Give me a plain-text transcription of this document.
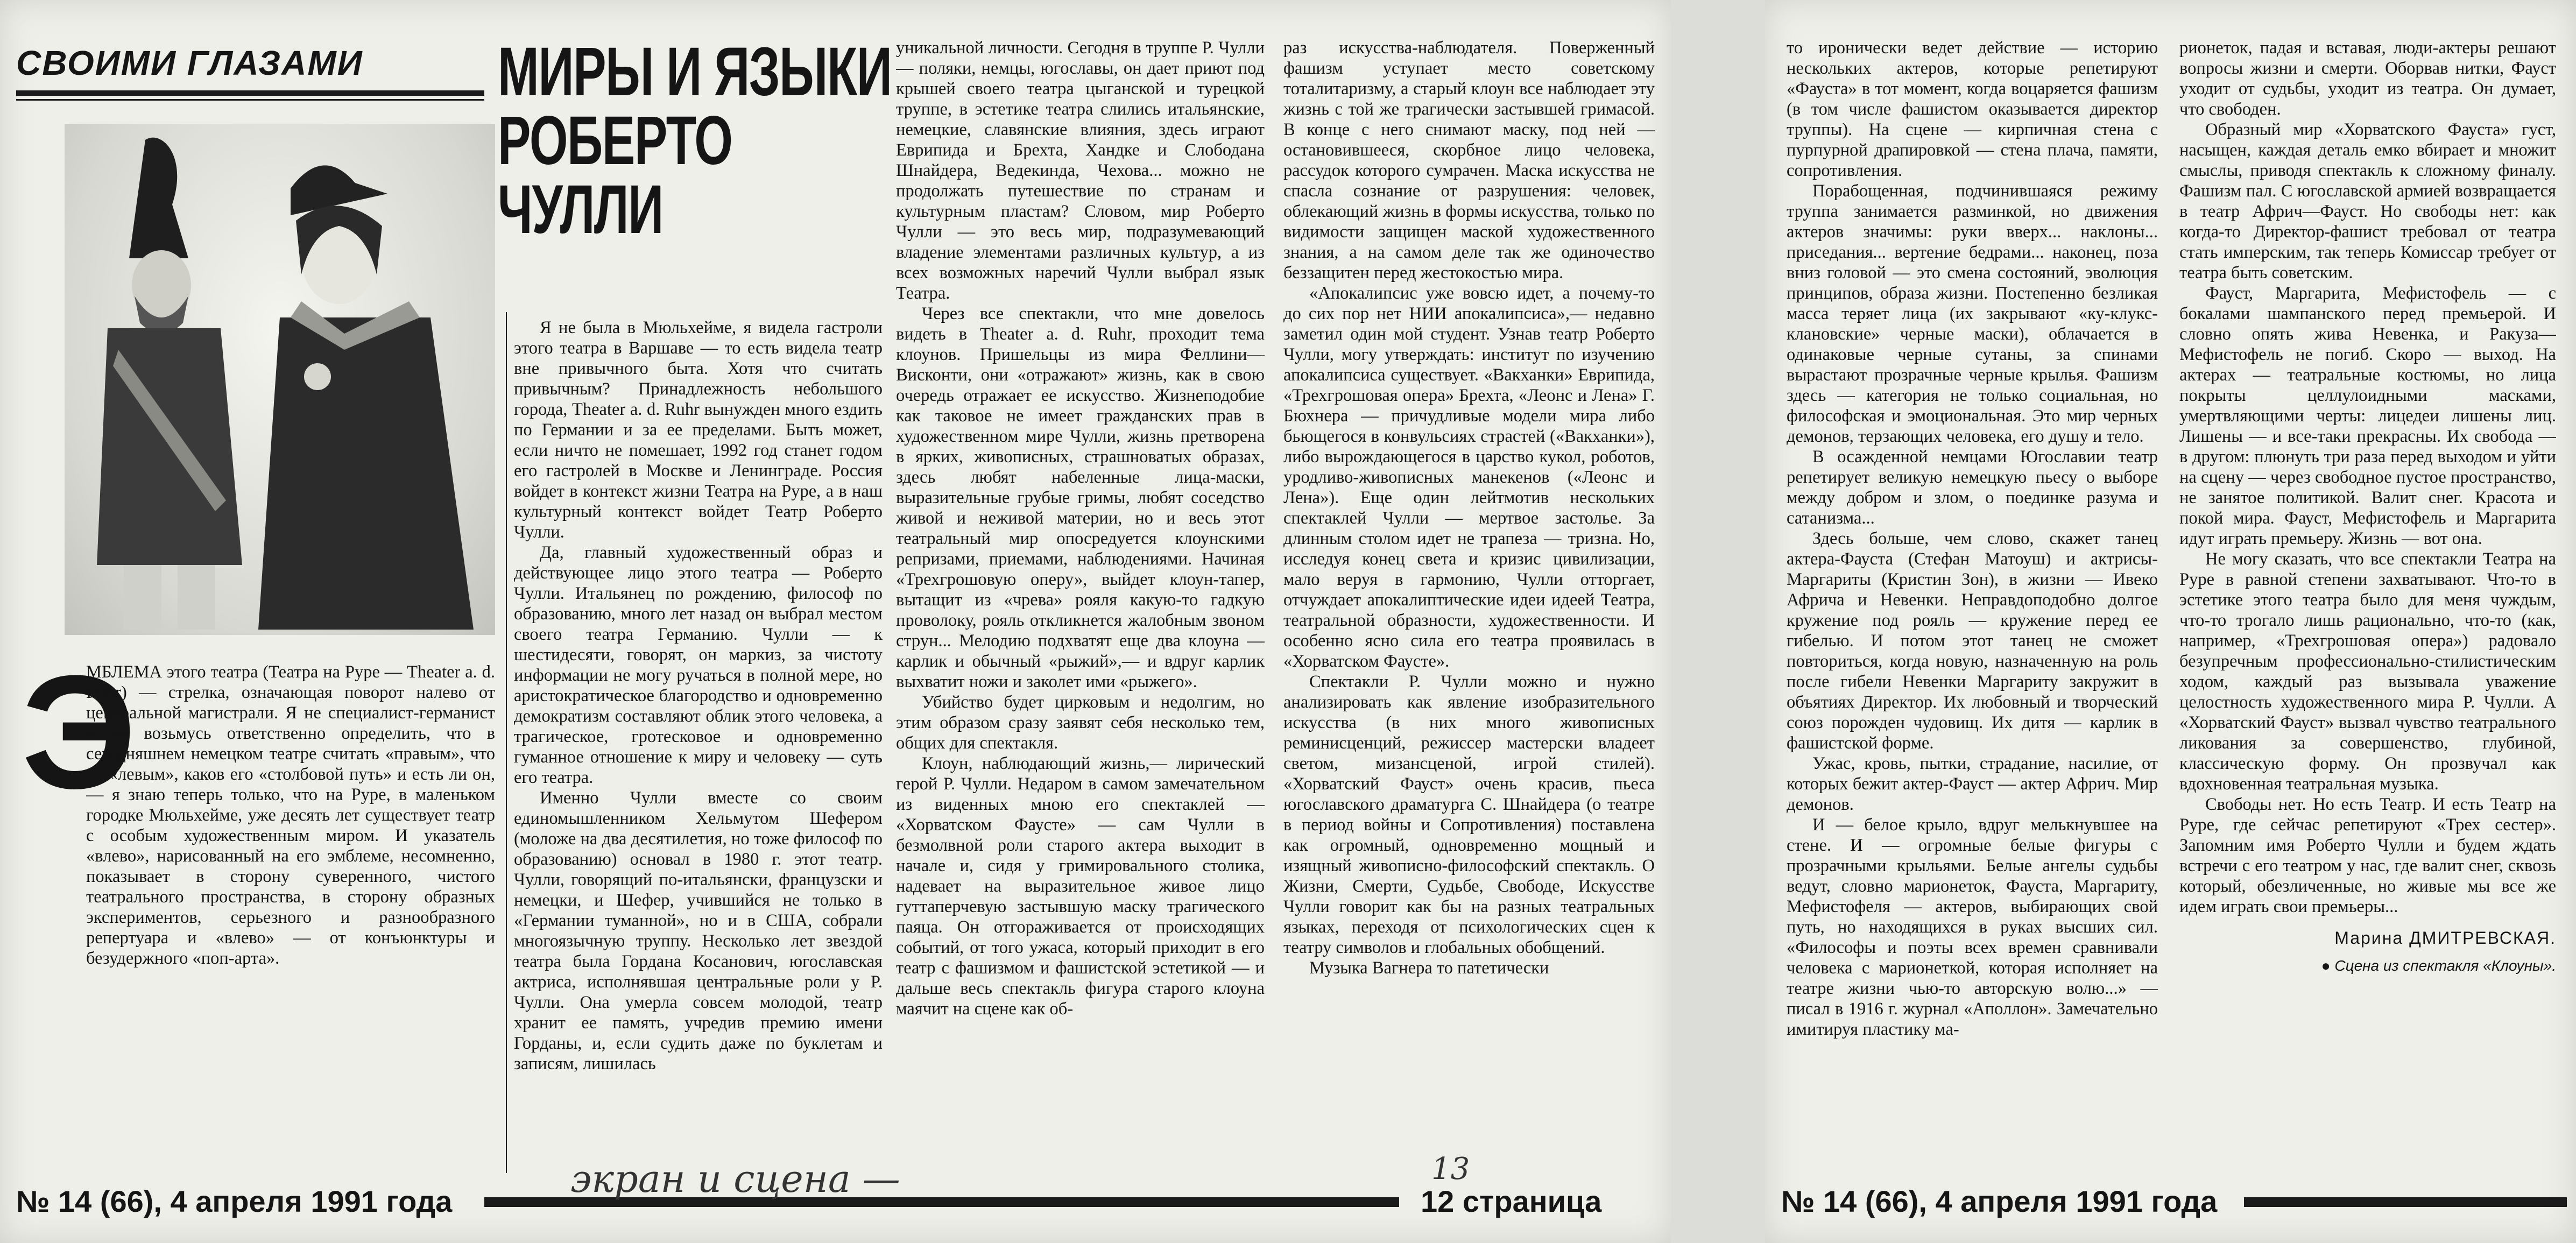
СВОИМИ ГЛАЗАМИ МИРЫ И ЯЗЫКИ
РОБЕРТО
ЧУЛЛИ
Э

МБЛЕМА этого театра (Театра на Руре — Theater a. d. Ruhr) — стрелка, означающая поворот налево от центральной магистрали. Я не специалист-германист и не возьмусь ответственно определить, что в сегодняшнем немецком театре считать «правым», что — «левым», каков его «столбовой путь» и есть ли он,— я знаю теперь только, что на Руре, в маленьком городке Мюльхейме, уже десять лет существует театр с особым художественным миром. И указатель «влево», нарисованный на его эмблеме, несомненно, показывает в сторону суверенного, чистого театрального пространства, в сторону образных экспериментов, серьезного и разнообразного репертуара и «влево» — от конъюнктуры и безудержного «поп-арта».

Я не была в Мюльхейме, я видела гастроли этого театра в Варшаве — то есть видела театр вне привычного быта. Хотя что считать привычным? Принадлежность небольшого города, Theater a. d. Ruhr вынужден много ездить по Германии и за ее пределами. Быть может, если ничто не помешает, 1992 год станет годом его гастролей в Москве и Ленинграде. Россия войдет в контекст жизни Театра на Руре, а в наш культурный контекст войдет Театр Роберто Чулли.

Да, главный художественный образ и действующее лицо этого театра — Роберто Чулли. Итальянец по рождению, философ по образованию, много лет назад он выбрал местом своего театра Германию. Чулли — к шестидесяти, говорят, он маркиз, за чистоту информации не могу ручаться в полной мере, но аристократическое благородство и одновременно демократизм составляют облик этого человека, а трагическое, гротесковое и одновременно гуманное отношение к миру и человеку — суть его театра.

Именно Чулли вместе со своим единомышленником Хельмутом Шефером (моложе на два десятилетия, но тоже философ по образованию) основал в 1980 г. этот театр. Чулли, говорящий по-итальянски, французски и немецки, и Шефер, учившийся не только в «Германии туманной», но и в США, собрали многоязычную труппу. Несколько лет звездой театра была Гордана Косанович, югославская актриса, исполнявшая центральные роли у Р. Чулли. Она умерла совсем молодой, театр хранит ее память, учредив премию имени Горданы, и, если судить даже по буклетам и записям, лишилась

уникальной личности. Сегодня в труппе Р. Чулли — поляки, немцы, югославы, он дает приют под крышей своего театра цыганской и турецкой труппе, в эстетике театра слились итальянские, немецкие, славянские влияния, здесь играют Еврипида и Брехта, Хандке и Слободана Шнайдера, Ведекинда, Чехова... можно не продолжать путешествие по странам и культурным пластам? Словом, мир Роберто Чулли — это весь мир, подразумевающий владение элементами различных культур, а из всех возможных наречий Чулли выбрал язык Театра.

Через все спектакли, что мне довелось видеть в Theater a. d. Ruhr, проходит тема клоунов. Пришельцы из мира Феллини—Висконти, они «отражают» жизнь, как в свою очередь отражает ее искусство. Жизнеподобие как таковое не имеет гражданских прав в художественном мире Чулли, жизнь претворена в ярких, живописных, страшноватых образах, здесь любят набеленные лица-маски, выразительные грубые гримы, любят соседство живой и неживой материи, но и весь этот театральный мир опосредуется клоунскими репризами, приемами, наблюдениями. Начиная «Трехгрошовую оперу», выйдет клоун-тапер, вытащит из «чрева» рояля какую-то гадкую проволоку, рояль откликнется жалобным звоном струн... Мелодию подхватят еще два клоуна — карлик и обычный «рыжий»,— и вдруг карлик выхватит ножи и заколет ими «рыжего».

Убийство будет цирковым и недолгим, но этим образом сразу заявят себя несколько тем, общих для спектакля.

Клоун, наблюдающий жизнь,— лирический герой Р. Чулли. Недаром в самом замечательном из виденных мною его спектаклей — «Хорватском Фаусте» — сам Чулли в безмолвной роли старого актера выходит в начале и, сидя у гримировального столика, надевает на выразительное живое лицо гуттаперчевую застывшую маску трагического паяца. Он отгораживается от происходящих событий, от того ужаса, который приходит в его театр с фашизмом и фашистской эстетикой — и дальше весь спектакль фигура старого клоуна маячит на сцене как об-

раз искусства-наблюдателя. Поверженный фашизм уступает место советскому тоталитаризму, а старый клоун все наблюдает эту жизнь с той же трагически застывшей гримасой. В конце с него снимают маску, под ней — остановившееся, скорбное лицо человека, рассудок которого сумрачен. Маска искусства не спасла сознание от разрушения: человек, облекающий жизнь в формы искусства, только по видимости защищен маской художественного знания, а на самом деле так же одиночество беззащитен перед жестокостью мира.

«Апокалипсис уже вовсю идет, а почему-то до сих пор нет НИИ апокалипсиса»,— недавно заметил один мой студент. Узнав театр Роберто Чулли, могу утверждать: институт по изучению апокалипсиса существует. «Вакханки» Еврипида, «Трехгрошовая опера» Брехта, «Леонс и Лена» Г. Бюхнера — причудливые модели мира либо бьющегося в конвульсиях страстей («Вакханки»), либо вырождающегося в царство кукол, роботов, уродливо-живописных манекенов («Леонс и Лена»). Еще один лейтмотив нескольких спектаклей Чулли — мертвое застолье. За длинным столом идет не трапеза — тризна. Но, исследуя конец света и кризис цивилизации, мало веруя в гармонию, Чулли отторгает, отчуждает апокалиптические идеи идеей Театра, театральной образности, художественности. И особенно ясно сила его театра проявилась в «Хорватском Фаусте».

Спектакли Р. Чулли можно и нужно анализировать как явление изобразительного искусства (в них много живописных реминисценций, режиссер мастерски владеет светом, мизансценой, игрой стилей). «Хорватский Фауст» очень красив, пьеса югославского драматурга С. Шнайдера (о театре в период войны и Сопротивления) поставлена как огромный, одновременно мощный и изящный живописно-философский спектакль. О Жизни, Смерти, Судьбе, Свободе, Искусстве Чулли говорит как бы на разных театральных языках, переходя от психологических сцен к театру символов и глобальных обобщений.

Музыка Вагнера то патетически

№ 14 (66), 4 апреля 1991 года
экран и сцена —	13
12 страница

то иронически ведет действие — историю нескольких актеров, которые репетируют «Фауста» в тот момент, когда воцаряется фашизм (в том числе фашистом оказывается директор труппы). На сцене — кирпичная стена с пурпурной драпировкой — стена плача, памяти, сопротивления.

Порабощенная, подчинившаяся режиму труппа занимается разминкой, но движения актеров значимы: руки вверх... наклоны... приседания... вертение бедрами... наконец, поза вниз головой — это смена состояний, эволюция принципов, образа жизни. Постепенно безликая масса теряет лица (их закрывают «ку-клукс-клановские» черные маски), облачается в одинаковые черные сутаны, за спинами вырастают прозрачные черные крылья. Фашизм здесь — категория не только социальная, но философская и эмоциональная. Это мир черных демонов, терзающих человека, его душу и тело.

В осажденной немцами Югославии театр репетирует великую немецкую пьесу о выборе между добром и злом, о поединке разума и сатанизма...

Здесь больше, чем слово, скажет танец актера-Фауста (Стефан Матоуш) и актрисы-Маргариты (Кристин Зон), в жизни — Ивеко Африча и Невенки. Неправдоподобно долгое кружение под рояль — кружение перед ее гибелью. И потом этот танец не сможет повториться, когда новую, назначенную на роль после гибели Невенки Маргариту закружит в объятиях Директор. Их любовный и творческий союз порожден чудовищ. Их дитя — карлик в фашистской форме.

Ужас, кровь, пытки, страдание, насилие, от которых бежит актер-Фауст — актер Африч. Мир демонов.

И — белое крыло, вдруг мелькнувшее на стене. И — огромные белые фигуры с прозрачными крыльями. Белые ангелы судьбы ведут, словно марионеток, Фауста, Маргариту, Мефистофеля — актеров, выбирающих свой путь, но находящихся в руках высших сил. «Философы и поэты всех времен сравнивали человека с марионеткой, которая исполняет на театре жизни чью-то авторскую волю...» — писал в 1916 г. журнал «Аполлон». Замечательно имитируя пластику ма-

рионеток, падая и вставая, люди-актеры решают вопросы жизни и смерти. Оборвав нитки, Фауст уходит от судьбы, уходит из театра. Он думает, что свободен.

Образный мир «Хорватского Фауста» густ, насыщен, каждая деталь емко вбирает и множит смыслы, приводя спектакль к сложному финалу. Фашизм пал. С югославской армией возвращается в театр Африч—Фауст. Но свободы нет: как когда-то Директор-фашист требовал от театра стать имперским, так теперь Комиссар требует от театра быть советским.

Фауст, Маргарита, Мефистофель — с бокалами шампанского перед премьерой. И словно опять жива Невенка, и Ракуза—Мефистофель не погиб. Скоро — выход. На актерах — театральные костюмы, но лица покрыты целлулоидными масками, умертвляющими черты: лицедеи лишены лиц. Лишены — и все-таки прекрасны. Их свобода — в другом: плюнуть три раза перед выходом и уйти на сцену — через свободное пустое пространство, не занятое политикой. Валит снег. Красота и покой мира. Фауст, Мефистофель и Маргарита идут играть премьеру. Жизнь — вот она.

Не могу сказать, что все спектакли Театра на Руре в равной степени захватывают. Что-то в эстетике этого театра было для меня чуждым, что-то трогало лишь рационально, что-то (как, например, «Трехгрошовая опера») радовало безупречным профессионально-стилистическим ходом, каждый раз вызывала уважение целостность художественного мира Р. Чулли. А «Хорватский Фауст» вызвал чувство театрального ликования за совершенство, глубиной, классическую форму. Он прозвучал как вдохновенная театральная музыка.

Свободы нет. Но есть Театр. И есть Театр на Руре, где сейчас репетируют «Трех сестер». Запомним имя Роберто Чулли и будем ждать встречи с его театром у нас, где валит снег, сквозь который, обезличенные, но живые мы все же идем играть свои премьеры...

Марина ДМИТРЕВСКАЯ.
● Сцена из спектакля «Клоуны».
№ 14 (66), 4 апреля 1991 года
